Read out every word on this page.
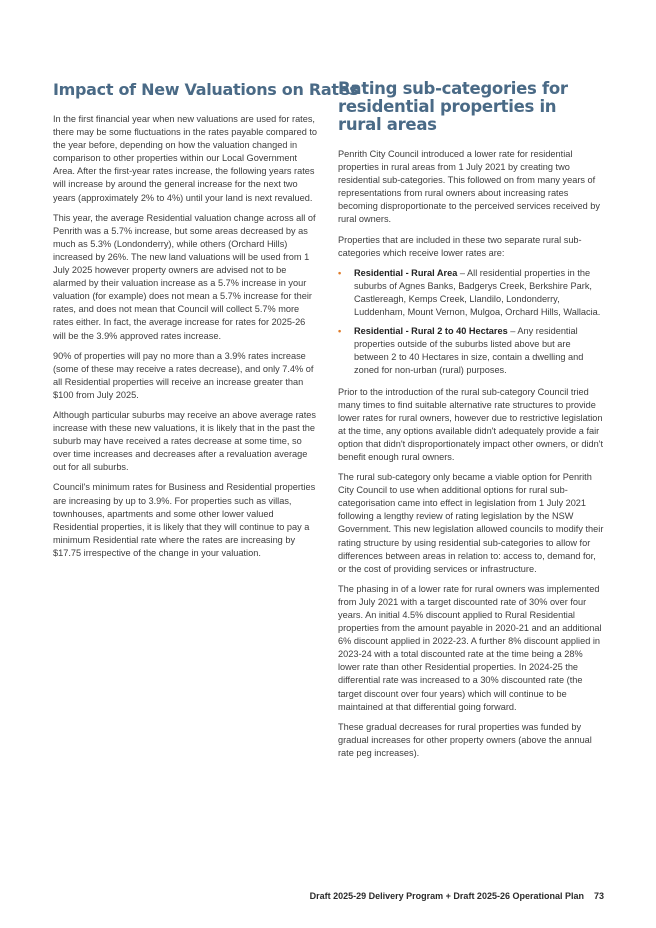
Impact of New Valuations on Rates

In the first financial year when new valuations are used for rates, there may be some fluctuations in the rates payable compared to the year before, depending on how the valuation changed in comparison to other properties within our Local Government Area. After the first-year rates increase, the following years rates will increase by around the general increase for the next two years (approximately 2% to 4%) until your land is next revalued.

This year, the average Residential valuation change across all of Penrith was a 5.7% increase, but some areas decreased by as much as 5.3% (Londonderry), while others (Orchard Hills) increased by 26%. The new land valuations will be used from 1 July 2025 however property owners are advised not to be alarmed by their valuation increase as a 5.7% increase in your valuation (for example) does not mean a 5.7% increase for their rates, and does not mean that Council will collect 5.7% more rates either. In fact, the average increase for rates for 2025-26 will be the 3.9% approved rates increase.

90% of properties will pay no more than a 3.9% rates increase (some of these may receive a rates decrease), and only 7.4% of all Residential properties will receive an increase greater than $100 from July 2025.

Although particular suburbs may receive an above average rates increase with these new valuations, it is likely that in the past the suburb may have received a rates decrease at some time, so over time increases and decreases after a revaluation average out for all suburbs.

Council's minimum rates for Business and Residential properties are increasing by up to 3.9%. For properties such as villas, townhouses, apartments and some other lower valued Residential properties, it is likely that they will continue to pay a minimum Residential rate where the rates are increasing by $17.75 irrespective of the change in your valuation.

Rating sub-categories for residential properties in rural areas

Penrith City Council introduced a lower rate for residential properties in rural areas from 1 July 2021 by creating two residential sub-categories. This followed on from many years of representations from rural owners about increasing rates becoming disproportionate to the perceived services received by rural owners.

Properties that are included in these two separate rural sub-categories which receive lower rates are:

• Residential - Rural Area – All residential properties in the suburbs of Agnes Banks, Badgerys Creek, Berkshire Park, Castlereagh, Kemps Creek, Llandilo, Londonderry, Luddenham, Mount Vernon, Mulgoa, Orchard Hills, Wallacia.
• Residential - Rural 2 to 40 Hectares – Any residential properties outside of the suburbs listed above but are between 2 to 40 Hectares in size, contain a dwelling and zoned for non-urban (rural) purposes.

Prior to the introduction of the rural sub-category Council tried many times to find suitable alternative rate structures to provide lower rates for rural owners, however due to restrictive legislation at the time, any options available didn't adequately provide a fair option that didn't disproportionately impact other owners, or didn't benefit enough rural owners.

The rural sub-category only became a viable option for Penrith City Council to use when additional options for rural sub-categorisation came into effect in legislation from 1 July 2021 following a lengthy review of rating legislation by the NSW Government. This new legislation allowed councils to modify their rating structure by using residential sub-categories to allow for differences between areas in relation to: access to, demand for, or the cost of providing services or infrastructure.

The phasing in of a lower rate for rural owners was implemented from July 2021 with a target discounted rate of 30% over four years. An initial 4.5% discount applied to Rural Residential properties from the amount payable in 2020-21 and an additional 6% discount applied in 2022-23. A further 8% discount applied in 2023-24 with a total discounted rate at the time being a 28% lower rate than other Residential properties. In 2024-25 the differential rate was increased to a 30% discounted rate (the target discount over four years) which will continue to be maintained at that differential going forward.

These gradual decreases for rural properties was funded by gradual increases for other property owners (above the annual rate peg increases).

Draft 2025-29 Delivery Program + Draft 2025-26 Operational Plan 73
